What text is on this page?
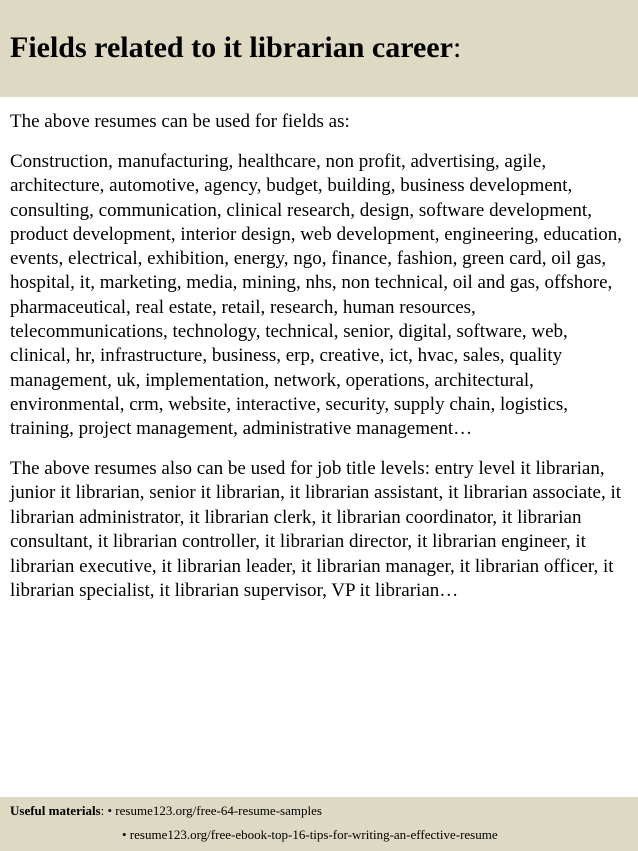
Fields related to it librarian career:

The above resumes can be used for fields as:

Construction, manufacturing, healthcare, non profit, advertising, agile, architecture, automotive, agency, budget, building, business development, consulting, communication, clinical research, design, software development, product development, interior design, web development, engineering, education, events, electrical, exhibition, energy, ngo, finance, fashion, green card, oil gas, hospital, it, marketing, media, mining, nhs, non technical, oil and gas, offshore, pharmaceutical, real estate, retail, research, human resources, telecommunications, technology, technical, senior, digital, software, web, clinical, hr, infrastructure, business, erp, creative, ict, hvac, sales, quality management, uk, implementation, network, operations, architectural, environmental, crm, website, interactive, security, supply chain, logistics, training, project management, administrative management…

The above resumes also can be used for job title levels: entry level it librarian, junior it librarian, senior it librarian, it librarian assistant, it librarian associate, it librarian administrator, it librarian clerk, it librarian coordinator, it librarian consultant, it librarian controller, it librarian director, it librarian engineer, it librarian executive, it librarian leader, it librarian manager, it librarian officer, it librarian specialist, it librarian supervisor, VP it librarian…

Useful materials: • resume123.org/free-64-resume-samples
• resume123.org/free-ebook-top-16-tips-for-writing-an-effective-resume
